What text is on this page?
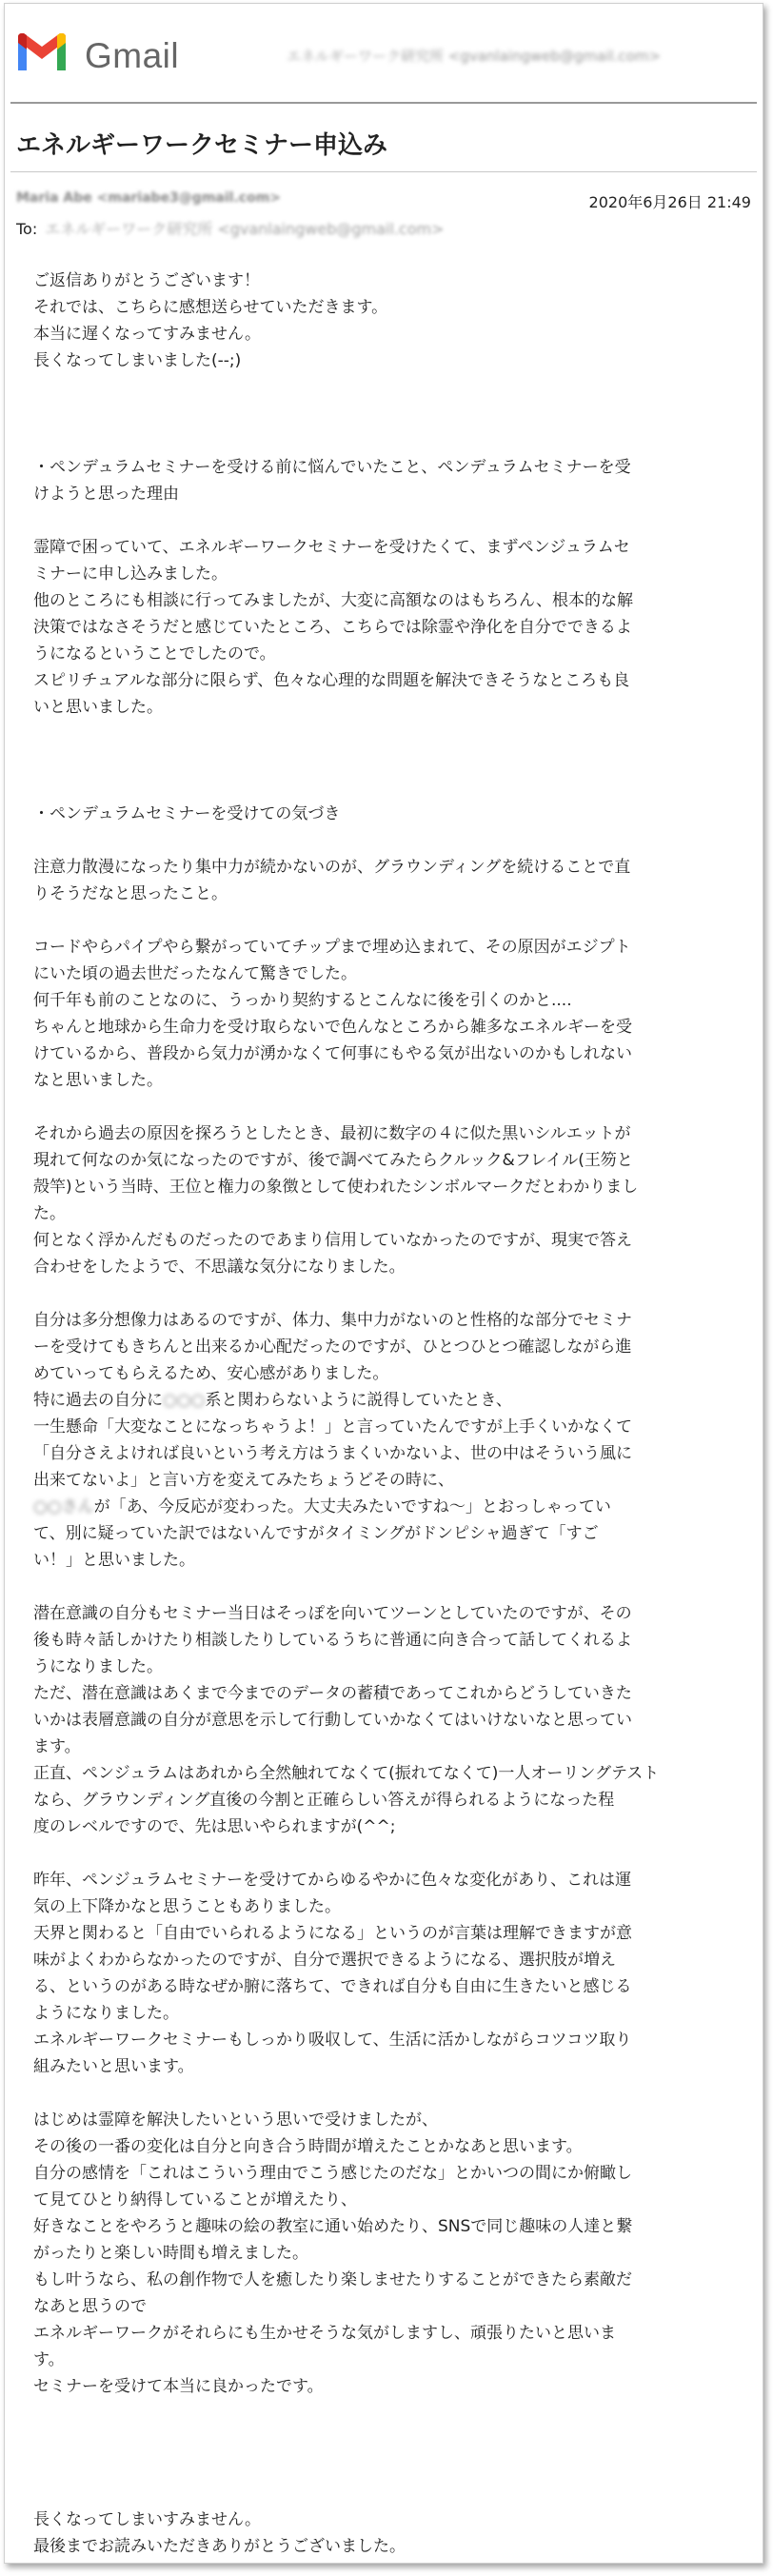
Gmail	エネルギーワーク研究所 <gvanlaingweb@gmail.com>
エネルギーワークセミナー申込み
Maria Abe <mariabe3@gmail.com>	2020年6月26日 21:49
To: エネルギーワーク研究所 <gvanlaingweb@gmail.com>

ご返信ありがとうございます！
それでは、こちらに感想送らせていただきます。
本当に遅くなってすみません。
長くなってしまいました(--;)

・ペンデュラムセミナーを受ける前に悩んでいたこと、ペンデュラムセミナーを受
けようと思った理由

霊障で困っていて、エネルギーワークセミナーを受けたくて、まずペンジュラムセ
ミナーに申し込みました。
他のところにも相談に行ってみましたが、大変に高額なのはもちろん、根本的な解
決策ではなさそうだと感じていたところ、こちらでは除霊や浄化を自分でできるよ
うになるということでしたので。
スピリチュアルな部分に限らず、色々な心理的な問題を解決できそうなところも良
いと思いました。

・ペンデュラムセミナーを受けての気づき

注意力散漫になったり集中力が続かないのが、グラウンディングを続けることで直
りそうだなと思ったこと。

コードやらパイプやら繋がっていてチップまで埋め込まれて、その原因がエジプト
にいた頃の過去世だったなんて驚きでした。
何千年も前のことなのに、うっかり契約するとこんなに後を引くのかと....
ちゃんと地球から生命力を受け取らないで色んなところから雑多なエネルギーを受
けているから、普段から気力が湧かなくて何事にもやる気が出ないのかもしれない
なと思いました。

それから過去の原因を探ろうとしたとき、最初に数字の４に似た黒いシルエットが
現れて何なのか気になったのですが、後で調べてみたらクルック&フレイル(王笏と
殻竿)という当時、王位と権力の象徴として使われたシンボルマークだとわかりまし
た。
何となく浮かんだものだったのであまり信用していなかったのですが、現実で答え
合わせをしたようで、不思議な気分になりました。

自分は多分想像力はあるのですが、体力、集中力がないのと性格的な部分でセミナ
ーを受けてもきちんと出来るか心配だったのですが、ひとつひとつ確認しながら進
めていってもらえるため、安心感がありました。
特に過去の自分に○○○系と関わらないように説得していたとき、
一生懸命「大変なことになっちゃうよ！」と言っていたんですが上手くいかなくて
「自分さえよければ良いという考え方はうまくいかないよ、世の中はそういう風に
出来てないよ」と言い方を変えてみたちょうどその時に、
○○さんが「あ、今反応が変わった。大丈夫みたいですね～」とおっしゃってい
て、別に疑っていた訳ではないんですがタイミングがドンピシャ過ぎて「すご
い！」と思いました。

潜在意識の自分もセミナー当日はそっぽを向いてツーンとしていたのですが、その
後も時々話しかけたり相談したりしているうちに普通に向き合って話してくれるよ
うになりました。
ただ、潜在意識はあくまで今までのデータの蓄積であってこれからどうしていきた
いかは表層意識の自分が意思を示して行動していかなくてはいけないなと思ってい
ます。
正直、ペンジュラムはあれから全然触れてなくて(振れてなくて)一人オーリングテスト
なら、グラウンディング直後の今割と正確らしい答えが得られるようになった程
度のレベルですので、先は思いやられますが(^^;

昨年、ペンジュラムセミナーを受けてからゆるやかに色々な変化があり、これは運
気の上下降かなと思うこともありました。
天界と関わると「自由でいられるようになる」というのが言葉は理解できますが意
味がよくわからなかったのですが、自分で選択できるようになる、選択肢が増え
る、というのがある時なぜか腑に落ちて、できれば自分も自由に生きたいと感じる
ようになりました。
エネルギーワークセミナーもしっかり吸収して、生活に活かしながらコツコツ取り
組みたいと思います。

はじめは霊障を解決したいという思いで受けましたが、
その後の一番の変化は自分と向き合う時間が増えたことかなあと思います。
自分の感情を「これはこういう理由でこう感じたのだな」とかいつの間にか俯瞰し
て見てひとり納得していることが増えたり、
好きなことをやろうと趣味の絵の教室に通い始めたり、SNSで同じ趣味の人達と繋
がったりと楽しい時間も増えました。
もし叶うなら、私の創作物で人を癒したり楽しませたりすることができたら素敵だ
なあと思うので
エネルギーワークがそれらにも生かせそうな気がしますし、頑張りたいと思いま
す。
セミナーを受けて本当に良かったです。

長くなってしまいすみません。
最後までお読みいただきありがとうございました。
